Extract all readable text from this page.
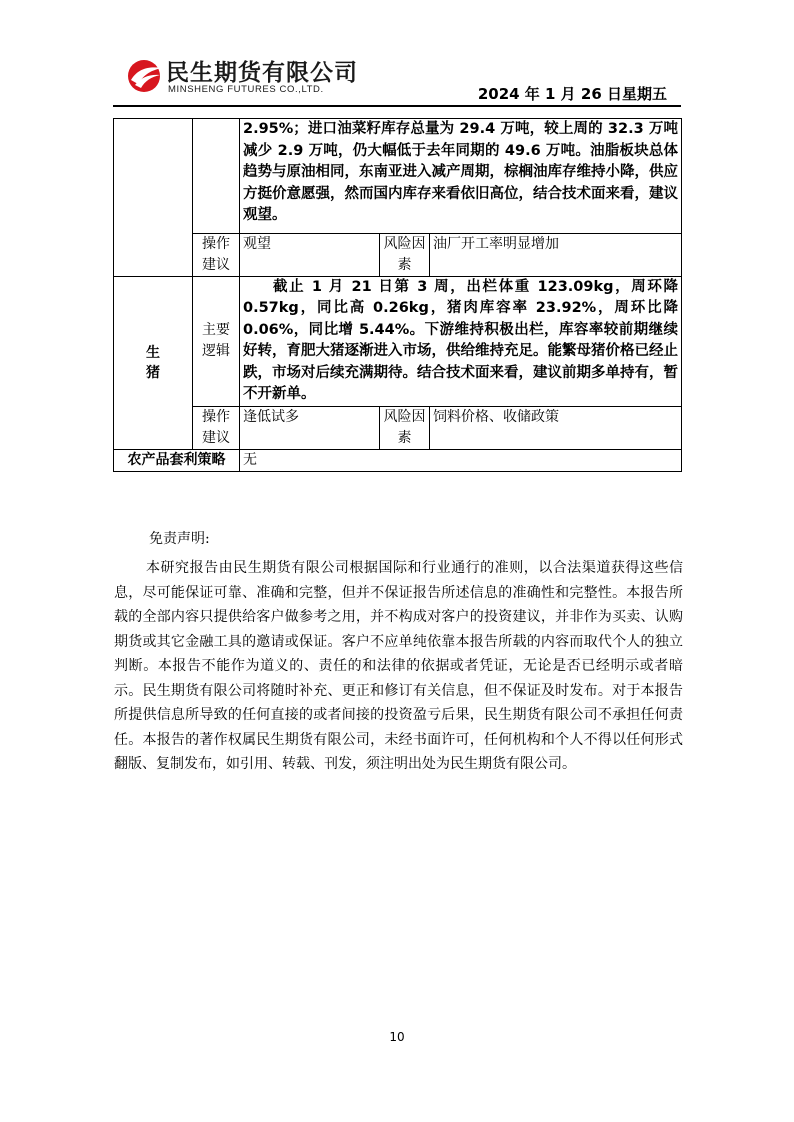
民生期货有限公司
MINSHENG FUTURES CO.,LTD.	2024 年 1 月 26 日星期五
		2.95%；进口油菜籽库存总量为 29.4 万吨，较上周的 32.3 万吨减少 2.9 万吨，仍大幅低于去年同期的 49.6 万吨。油脂板块总体趋势与原油相同，东南亚进入减产周期，棕榈油库存维持小降，供应方挺价意愿强，然而国内库存来看依旧高位，结合技术面来看，建议观望。		
	操作建议	观望	风险因素	油厂开工率明显增加

生猪	主要逻辑	截止 1 月 21 日第 3 周，出栏体重 123.09kg，周环降 0.57kg，同比高 0.26kg，猪肉库容率 23.92%，周环比降 0.06%，同比增 5.44%。下游维持积极出栏，库容率较前期继续好转，育肥大猪逐渐进入市场，供给维持充足。能繁母猪价格已经止跌，市场对后续充满期待。结合技术面来看，建议前期多单持有，暂不开新单。		
	操作建议	逢低试多	风险因素	饲料价格、收储政策
农产品套利策略		无		
免责声明:

本研究报告由民生期货有限公司根据国际和行业通行的准则，以合法渠道获得这些信息，尽可能保证可靠、准确和完整，但并不保证报告所述信息的准确性和完整性。本报告所载的全部内容只提供给客户做参考之用，并不构成对客户的投资建议，并非作为买卖、认购期货或其它金融工具的邀请或保证。客户不应单纯依靠本报告所载的内容而取代个人的独立判断。本报告不能作为道义的、责任的和法律的依据或者凭证，无论是否已经明示或者暗示。民生期货有限公司将随时补充、更正和修订有关信息，但不保证及时发布。对于本报告所提供信息所导致的任何直接的或者间接的投资盈亏后果，民生期货有限公司不承担任何责任。本报告的著作权属民生期货有限公司，未经书面许可，任何机构和个人不得以任何形式翻版、复制发布，如引用、转载、刊发，须注明出处为民生期货有限公司。

10
